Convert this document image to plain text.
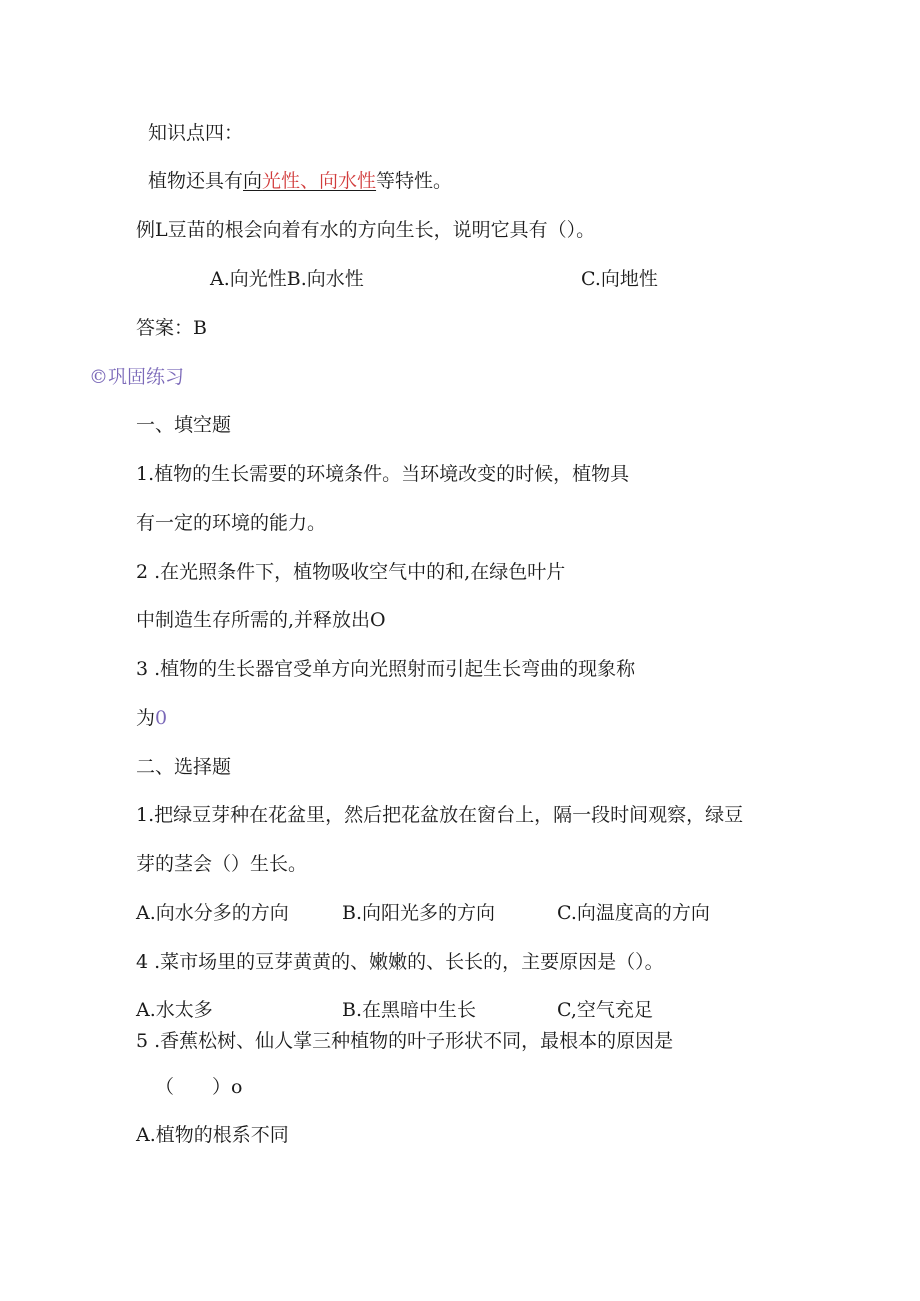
知识点四：
植物还具有向光性、向水性等特性。
例L豆苗的根会向着有水的方向生长，说明它具有（）。
A.向光性B.向水性	C.向地性
答案：B
©巩固练习
一、填空题
1.植物的生长需要的环境条件。当环境改变的时候，植物具
有一定的环境的能力。
2 .在光照条件下，植物吸收空气中的和,在绿色叶片
中制造生存所需的,并释放出O
3 .植物的生长器官受单方向光照射而引起生长弯曲的现象称
为0
二、选择题
1.把绿豆芽种在花盆里，然后把花盆放在窗台上，隔一段时间观察，绿豆
芽的茎会（）生长。
A.向水分多的方向	B.向阳光多的方向	C.向温度高的方向
4 .菜市场里的豆芽黄黄的、嫩嫩的、长长的，主要原因是（）。
A.水太多	B.在黑暗中生长	C,空气充足
5 .香蕉松树、仙人掌三种植物的叶子形状不同，最根本的原因是
（　　）o
A.植物的根系不同
